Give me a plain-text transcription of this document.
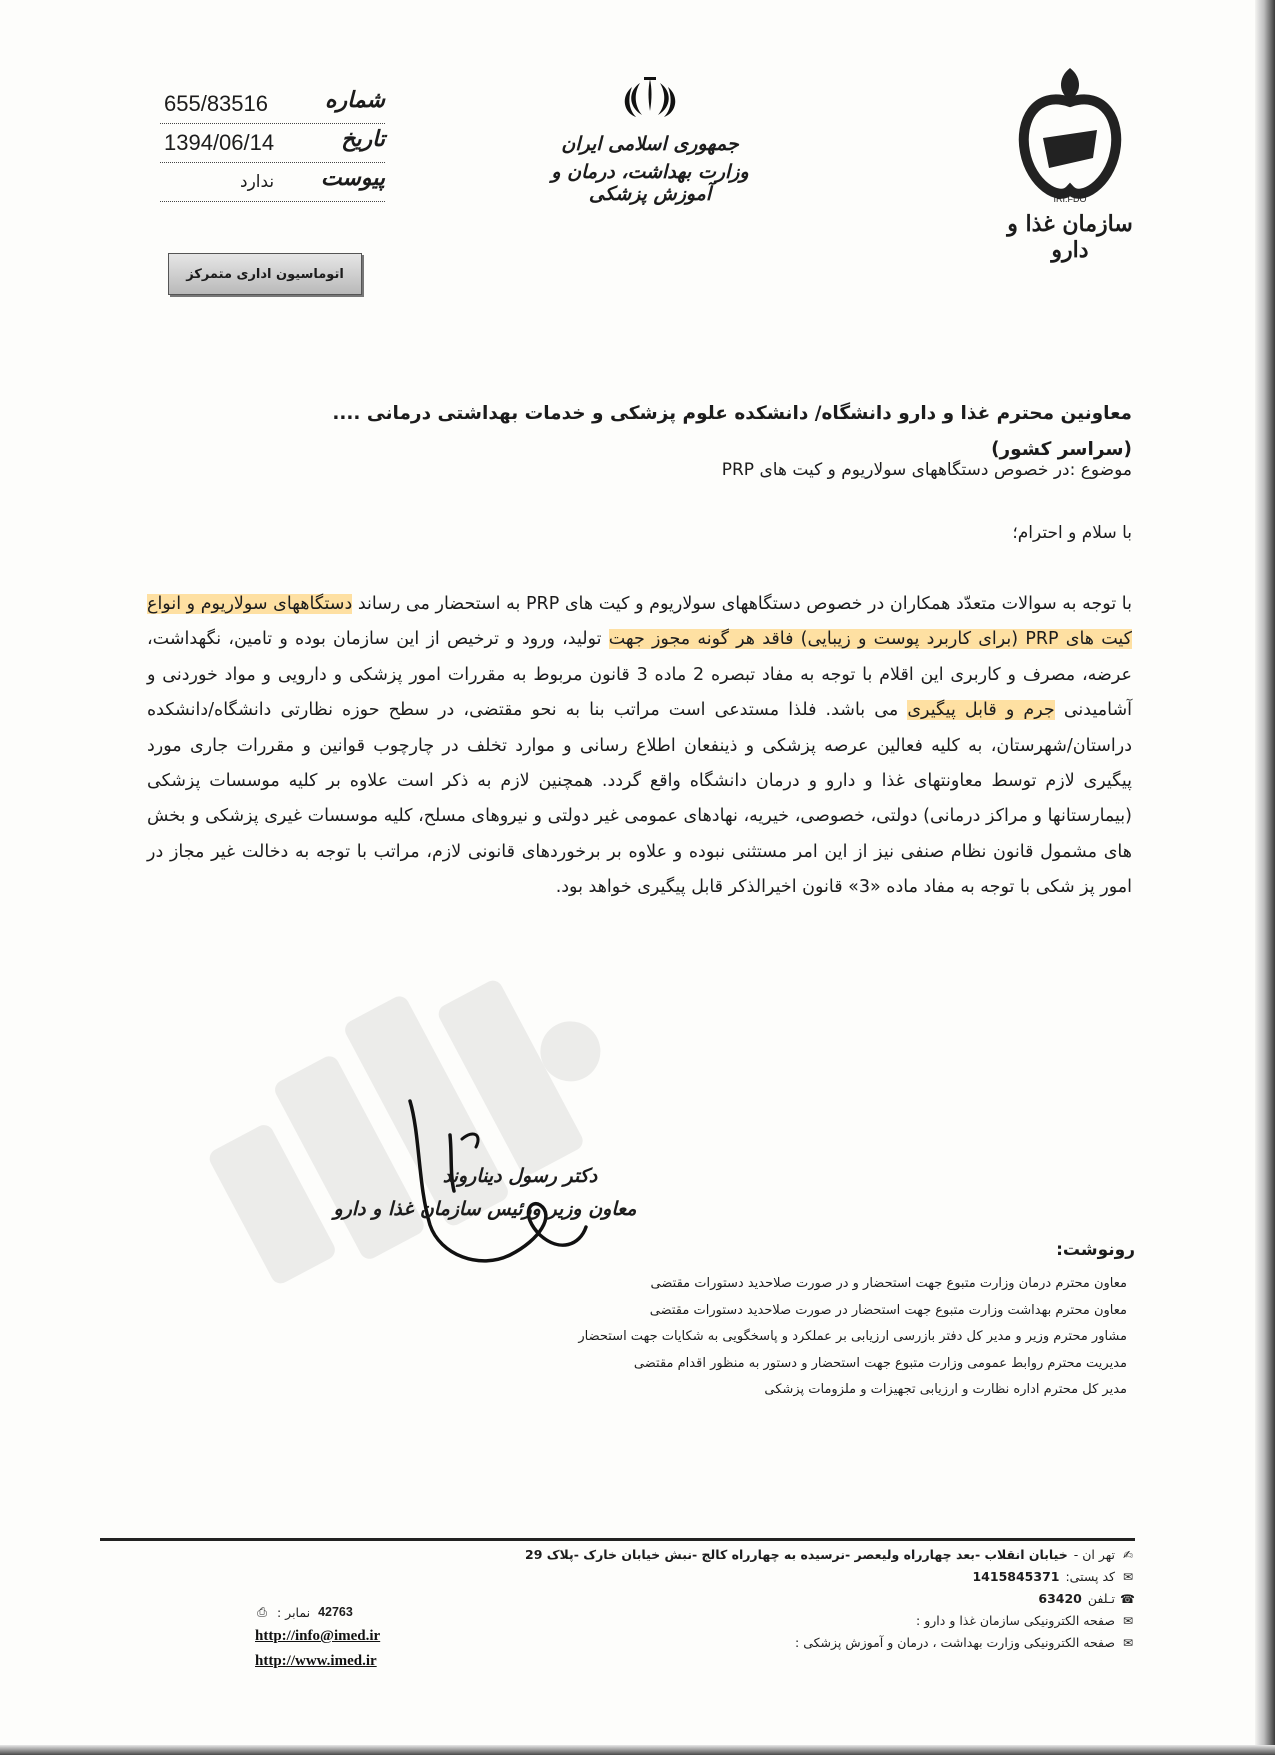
IRI.FDO
سازمان غذا و دارو
جمهوری اسلامی ایران
وزارت بهداشت، درمان و آموزش پزشکی
شماره
655/83516
تاریخ
1394/06/14
پیوست
ندارد
اتوماسیون اداری متمرکز
معاونین محترم غذا و دارو دانشگاه/ دانشکده علوم پزشکی و خدمات بهداشتی درمانی .... (سراسر کشور)
موضوع :در خصوص دستگاههای سولاریوم و کیت های PRP
با سلام و احترام؛
با توجه به سوالات متعدّد همکاران در خصوص دستگاههای سولاریوم و کیت های PRP به استحضار می رساند دستگاههای سولاریوم و انواع کیت های PRP (برای کاربرد پوست و زیبایی) فاقد هر گونه مجوز جهت تولید، ورود و ترخیص از این سازمان بوده و تامین، نگهداشت، عرضه، مصرف و کاربری این اقلام با توجه به مفاد تبصره 2 ماده 3 قانون مربوط به مقررات امور پزشکی و دارویی و مواد خوردنی و آشامیدنی جرم و قابل پیگیری می باشد. فلذا مستدعی است مراتب بنا به نحو مقتضی، در سطح حوزه نظارتی دانشگاه/دانشکده دراستان/شهرستان، به کلیه فعالین عرصه پزشکی و ذینفعان اطلاع رسانی و موارد تخلف در چارچوب قوانین و مقررات جاری مورد پیگیری لازم توسط معاونتهای غذا و دارو و درمان دانشگاه واقع گردد. همچنین لازم به ذکر است علاوه بر کلیه موسسات پزشکی (بیمارستانها و مراکز درمانی) دولتی، خصوصی، خیریه، نهادهای عمومی غیر دولتی و نیروهای مسلح، کلیه موسسات غیری پزشکی و بخش های مشمول قانون نظام صنفی نیز از این امر مستثنی نبوده و علاوه بر برخوردهای قانونی لازم، مراتب با توجه به دخالت غیر مجاز در امور پز شکی با توجه به مفاد ماده «3» قانون اخیرالذکر قابل پیگیری خواهد بود.
دکتر رسول دیناروند
معاون وزیر ورئیس سازمان غذا و دارو
رونوشت:
معاون محترم درمان وزارت متبوع جهت استحضار و در صورت صلاحدید دستورات مقتضی
معاون محترم بهداشت وزارت متبوع جهت استحضار در صورت صلاحدید دستورات مقتضی
مشاور محترم وزیر و مدیر کل دفتر بازرسی ارزیابی بر عملکرد و پاسخگویی به شکایات جهت استحضار
مدیریت محترم روابط عمومی وزارت متبوع جهت استحضار و دستور به منظور اقدام مقتضی
مدیر کل محترم اداره نظارت و ارزیابی تجهیزات و ملزومات پزشکی
✍
تهر ان -
خیابان انقلاب -بعد چهارراه ولیعصر -نرسیده به چهارراه کالج -نبش خیابان خارک -پلاک 29
✉
کد پستی:
1415845371
☎
تـلفن
63420
✉
صفحه الکترونیکی سازمان غذا و دارو :
✉
صفحه الکترونیکی وزارت بهداشت ، درمان و آموزش پزشکی :
⎙ نمابر : 42763
http://info@imed.ir
http://www.imed.ir
